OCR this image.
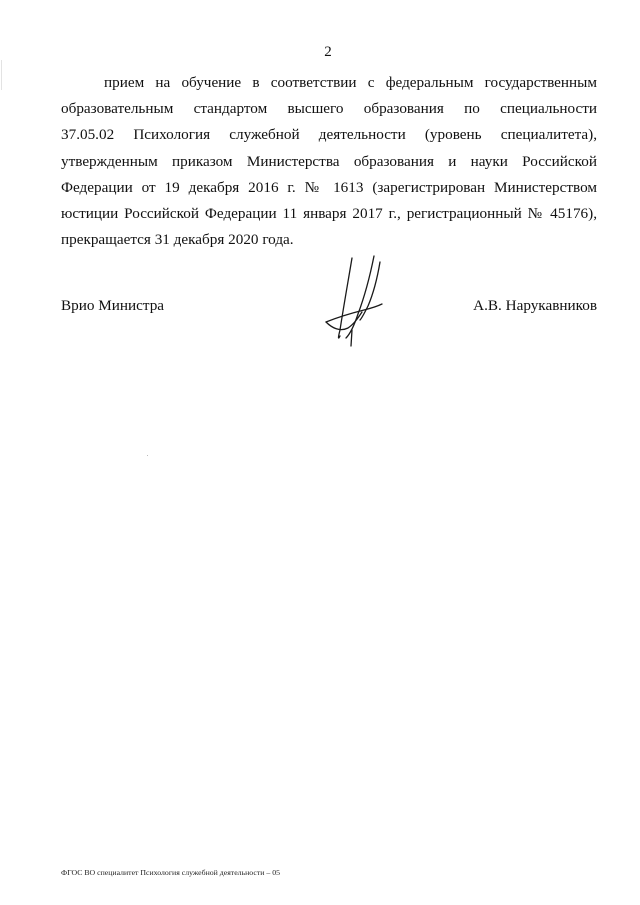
2
прием на обучение в соответствии с федеральным государственным
образовательным стандартом высшего образования по специальности
37.05.02 Психология служебной деятельности (уровень специалитета),
утвержденным приказом Министерства образования и науки Российской
Федерации от 19 декабря 2016 г. № 1613 (зарегистрирован Министерством
юстиции Российской Федерации 11 января 2017 г., регистрационный № 45176),
прекращается 31 декабря 2020 года.
Врио Министра	А.В. Нарукавников
ФГОС ВО специалитет Психология служебной деятельности – 05
